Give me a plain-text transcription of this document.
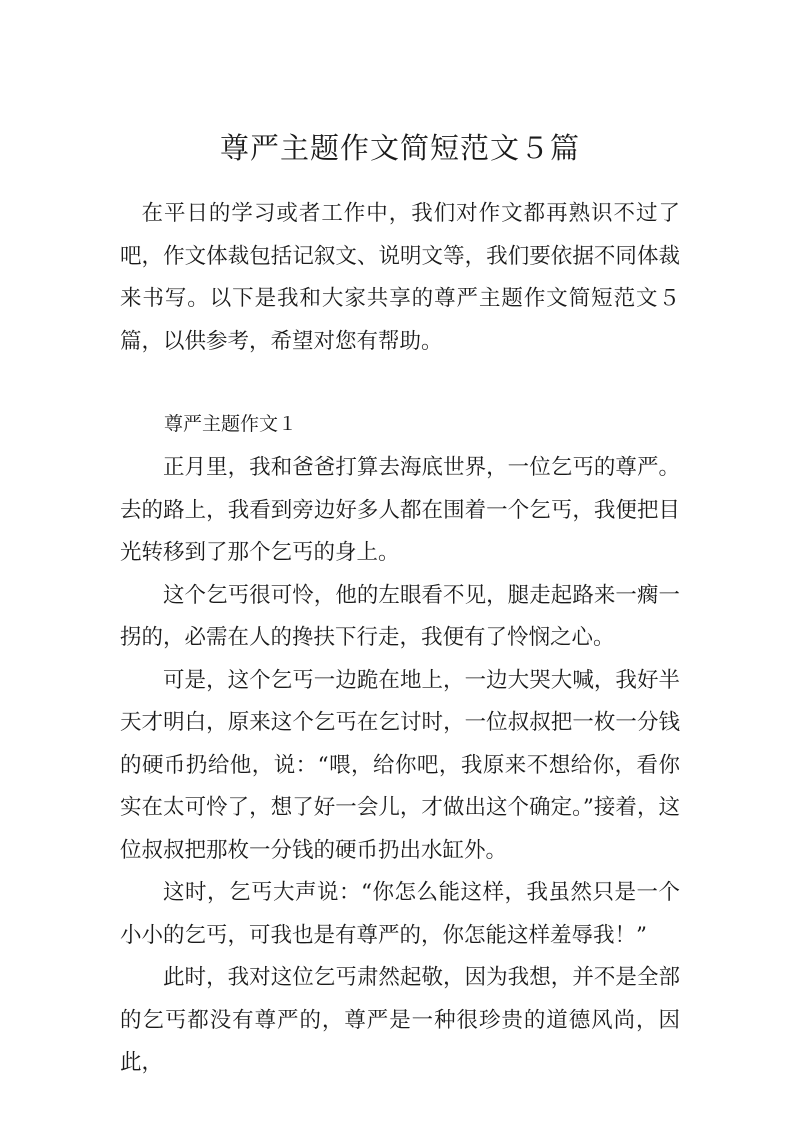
尊严主题作文简短范文５篇

在平日的学习或者工作中，我们对作文都再熟识不过了吧，作文体裁包括记叙文、说明文等，我们要依据不同体裁来书写。以下是我和大家共享的尊严主题作文简短范文５篇，以供参考，希望对您有帮助。

尊严主题作文１

正月里，我和爸爸打算去海底世界，一位乞丐的尊严。去的路上，我看到旁边好多人都在围着一个乞丐，我便把目光转移到了那个乞丐的身上。

这个乞丐很可怜，他的左眼看不见，腿走起路来一瘸一拐的，必需在人的搀扶下行走，我便有了怜悯之心。

可是，这个乞丐一边跪在地上，一边大哭大喊，我好半天才明白，原来这个乞丐在乞讨时，一位叔叔把一枚一分钱的硬币扔给他，说：“喂，给你吧，我原来不想给你，看你实在太可怜了，想了好一会儿，才做出这个确定。”接着，这位叔叔把那枚一分钱的硬币扔出水缸外。

这时，乞丐大声说：“你怎么能这样，我虽然只是一个小小的乞丐，可我也是有尊严的，你怎能这样羞辱我！”

此时，我对这位乞丐肃然起敬，因为我想，并不是全部的乞丐都没有尊严的，尊严是一种很珍贵的道德风尚，因此，
